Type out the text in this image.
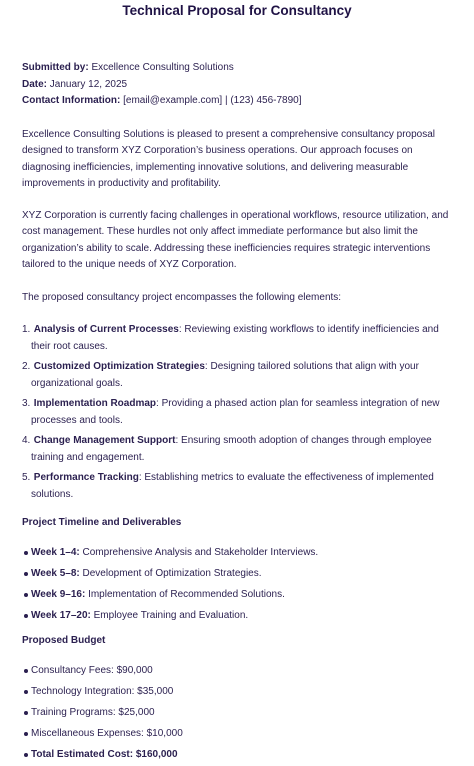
Technical Proposal for Consultancy
Submitted by: Excellence Consulting Solutions
Date: January 12, 2025
Contact Information: [email@example.com] | (123) 456-7890]

Excellence Consulting Solutions is pleased to present a comprehensive consultancy proposal designed to transform XYZ Corporation’s business operations. Our approach focuses on diagnosing inefficiencies, implementing innovative solutions, and delivering measurable improvements in productivity and profitability.

XYZ Corporation is currently facing challenges in operational workflows, resource utilization, and cost management. These hurdles not only affect immediate performance but also limit the organization’s ability to scale. Addressing these inefficiencies requires strategic interventions tailored to the unique needs of XYZ Corporation.

The proposed consultancy project encompasses the following elements:

1. Analysis of Current Processes: Reviewing existing workflows to identify inefficiencies and their root causes.
2. Customized Optimization Strategies: Designing tailored solutions that align with your organizational goals.
3. Implementation Roadmap: Providing a phased action plan for seamless integration of new processes and tools.
4. Change Management Support: Ensuring smooth adoption of changes through employee training and engagement.
5. Performance Tracking: Establishing metrics to evaluate the effectiveness of implemented solutions.
Project Timeline and Deliverables
Week 1–4: Comprehensive Analysis and Stakeholder Interviews.
Week 5–8: Development of Optimization Strategies.
Week 9–16: Implementation of Recommended Solutions.
Week 17–20: Employee Training and Evaluation.
Proposed Budget
Consultancy Fees: $90,000
Technology Integration: $35,000
Training Programs: $25,000
Miscellaneous Expenses: $10,000
Total Estimated Cost: $160,000
